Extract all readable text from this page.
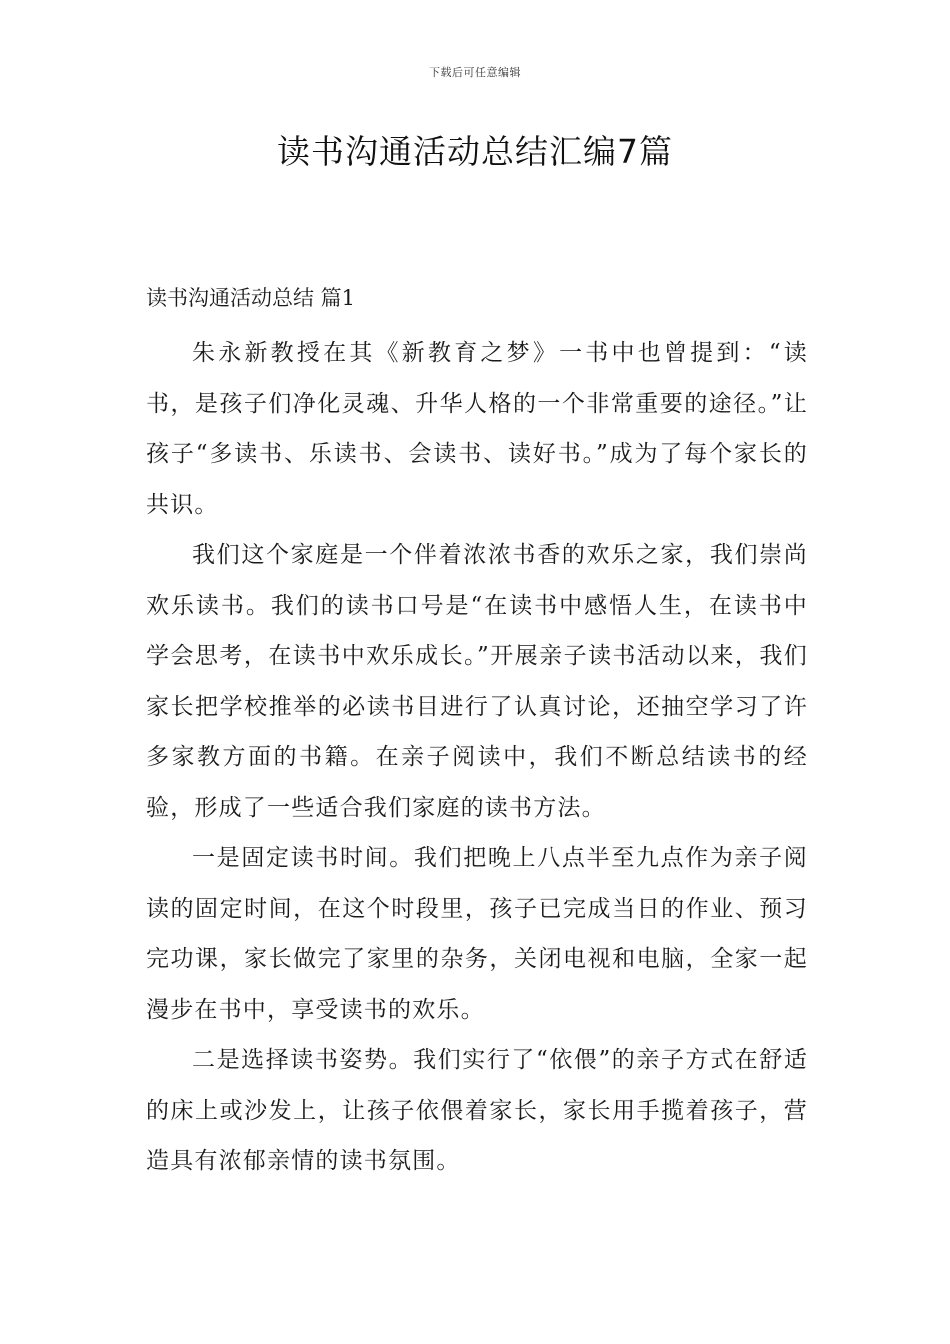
下载后可任意编辑
读书沟通活动总结汇编7篇
读书沟通活动总结 篇1

朱永新教授在其《新教育之梦》一书中也曾提到：“读书，是孩子们净化灵魂、升华人格的一个非常重要的途径。”让孩子“多读书、乐读书、会读书、读好书。”成为了每个家长的共识。

我们这个家庭是一个伴着浓浓书香的欢乐之家，我们崇尚欢乐读书。我们的读书口号是“在读书中感悟人生，在读书中学会思考，在读书中欢乐成长。”开展亲子读书活动以来，我们家长把学校推举的必读书目进行了认真讨论，还抽空学习了许多家教方面的书籍。在亲子阅读中，我们不断总结读书的经验，形成了一些适合我们家庭的读书方法。

一是固定读书时间。我们把晚上八点半至九点作为亲子阅读的固定时间，在这个时段里，孩子已完成当日的作业、预习完功课，家长做完了家里的杂务，关闭电视和电脑，全家一起漫步在书中，享受读书的欢乐。

二是选择读书姿势。我们实行了“依偎”的亲子方式在舒适的床上或沙发上，让孩子依偎着家长，家长用手揽着孩子，营造具有浓郁亲情的读书氛围。
